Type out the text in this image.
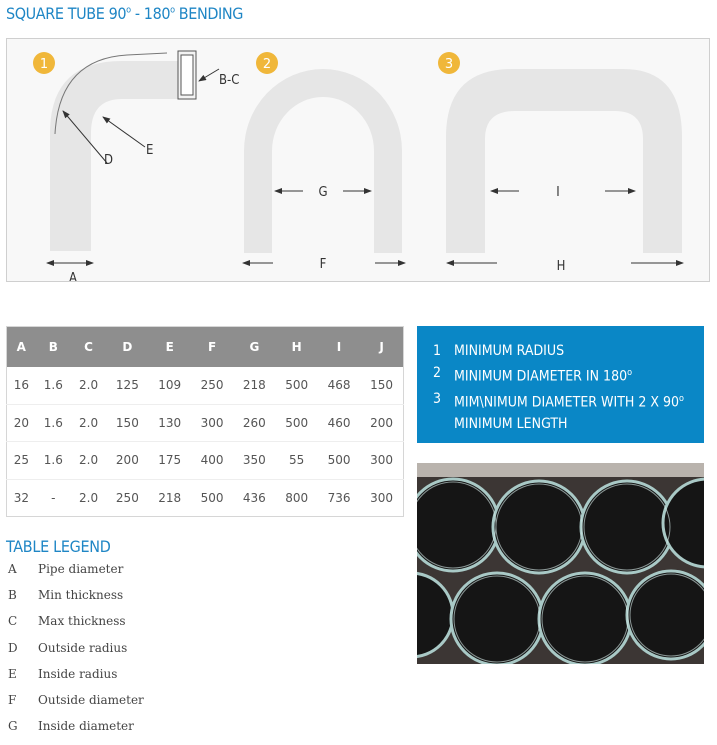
SQUARE TUBE 90$^o$ - 180$^o$ BENDING
1
A
B-C
D
E
2
G
F
3
I
H
A	B	C	D	E	F	G	H	I	J
16	1.6	2.0	125	109	250	218	500	468	150
20	1.6	2.0	150	130	300	260	500	460	200
25	1.6	2.0	200	175	400	350	55	500	300
32	-	2.0	250	218	500	436	800	736	300
TABLE LEGEND
A	Pipe diameter
B	Min thickness
C	Max thickness
D	Outside radius
E	Inside radius
F	Outside diameter
G	Inside diameter
1 MINIMUM RADIUS
2 MINIMUM DIAMETER IN 180$^o$
3 MIM\NIMUM DIAMETER WITH 2 X 90$^o$
MINIMUM LENGTH
